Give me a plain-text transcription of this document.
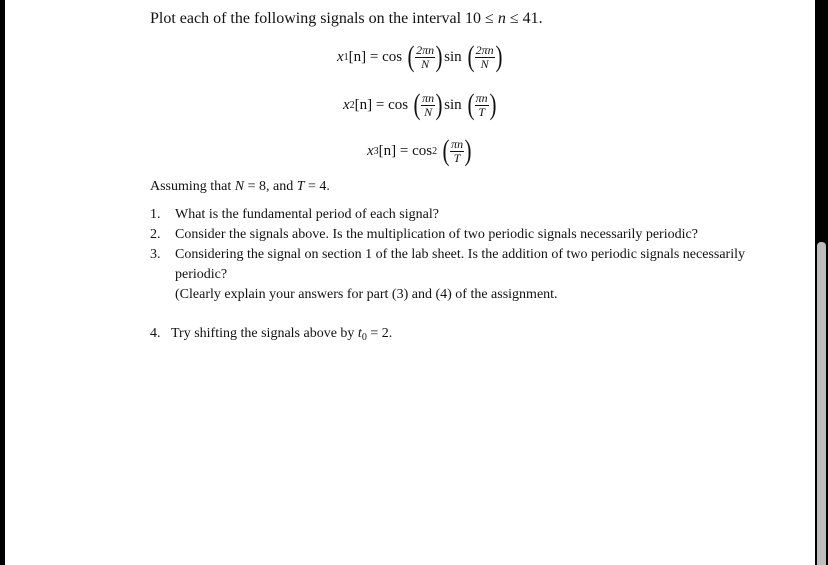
Plot each of the following signals on the interval 10 ≤ n ≤ 41.
x 1 [n] = cos ( $\frac{2\pi n}{N}$ ) sin ( $\frac{2\pi n}{N}$ )
x 2 [n] = cos ( $\frac{\pi n}{N}$ ) sin ( $\frac{\pi n}{T}$ )
x 3 [n] = cos 2 ( $\frac{\pi n}{T}$ )
Assuming that N = 8, and T = 4.
1. What is the fundamental period of each signal?
2. Consider the signals above. Is the multiplication of two periodic signals necessarily periodic?
3. Considering the signal on section 1 of the lab sheet. Is the addition of two periodic signals necessarily periodic?
(Clearly explain your answers for part (3) and (4) of the assignment.
4. Try shifting the signals above by $t_0 = 2$.
